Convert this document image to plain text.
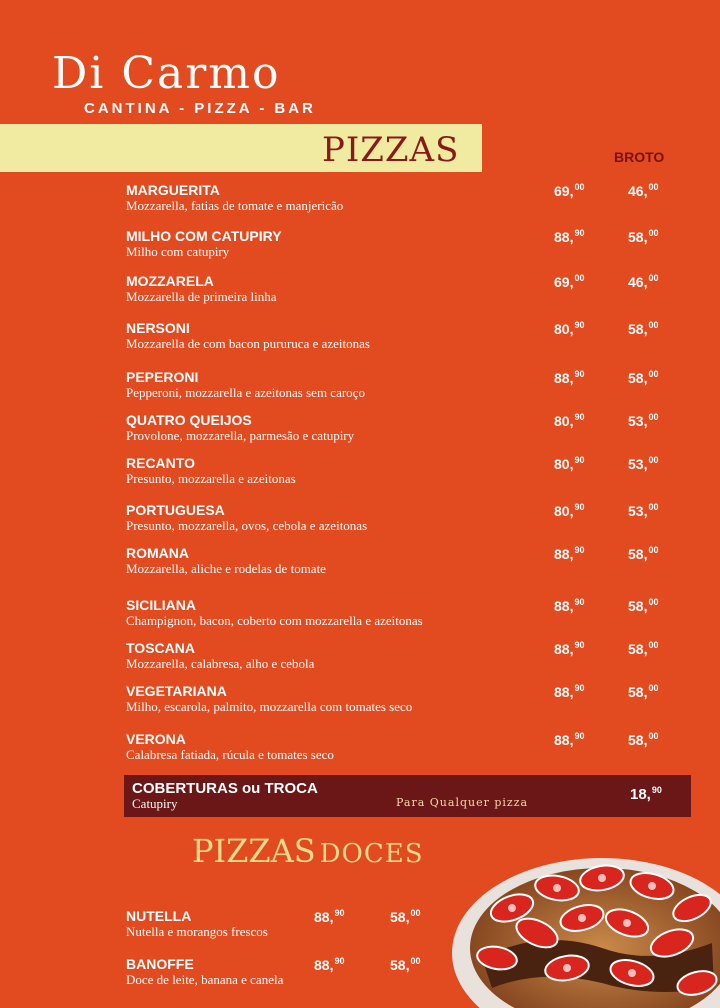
Di Carmo
CANTINA - PIZZA - BAR
PIZZAS	BROTO
MARGUERITA
Mozzarella, fatias de tomate e manjericão
69,00	46,00
MILHO COM CATUPIRY
Milho com catupiry
88,90	58,00
MOZZARELA
Mozzarella de primeira linha
69,00	46,00
NERSONI
Mozzarella de com bacon pururuca e azeitonas
80,90	58,00
PEPERONI
Pepperoni, mozzarella e azeitonas sem caroço
88,90	58,00
QUATRO QUEIJOS
Provolone, mozzarella, parmesão e catupiry
80,90	53,00
RECANTO
Presunto, mozzarella e azeitonas
80,90	53,00
PORTUGUESA
Presunto, mozzarella, ovos, cebola e azeitonas
80,90	53,00
ROMANA
Mozzarella, aliche e rodelas de tomate
88,90	58,00
SICILIANA
Champignon, bacon, coberto com mozzarella e azeitonas
88,90	58,00
TOSCANA
Mozzarella, calabresa, alho e cebola
88,90	58,00
VEGETARIANA
Milho, escarola, palmito, mozzarella com tomates seco
88,90	58,00
VERONA
Calabresa fatiada, rúcula e tomates seco
88,90	58,00
COBERTURAS ou TROCA
Catupiry	Para Qualquer pizza	18,90
PIZZAS DOCES
NUTELLA
Nutella e morangos frescos
88,90	58,00
BANOFFE
Doce de leite, banana e canela
88,90	58,00
